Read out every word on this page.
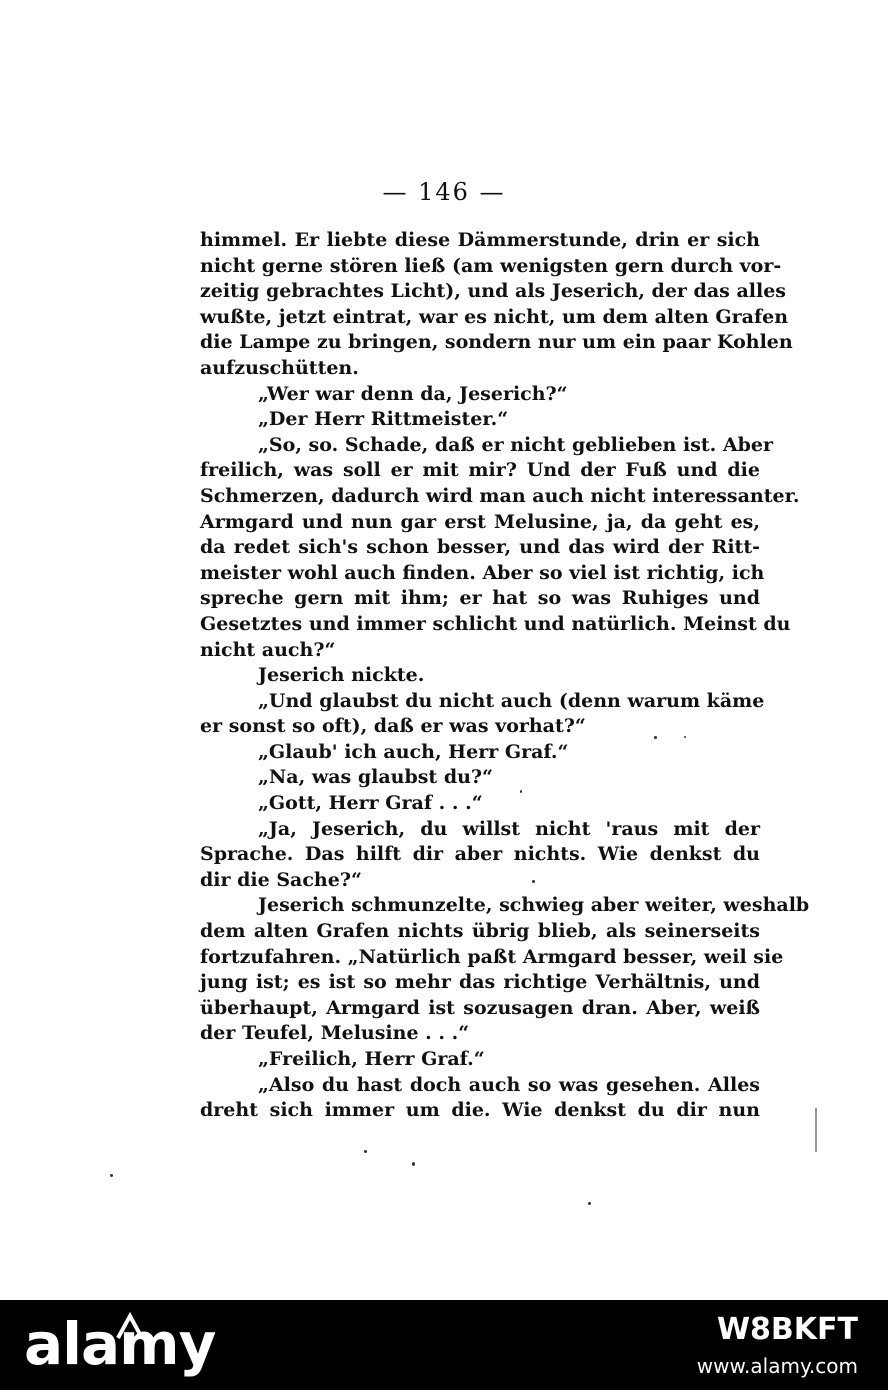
— 146 —
himmel. Er liebte diese Dämmerstunde, drin er sich
nicht gerne stören ließ (am wenigsten gern durch vor-
zeitig gebrachtes Licht), und als Jeserich, der das alles
wußte, jetzt eintrat, war es nicht, um dem alten Grafen
die Lampe zu bringen, sondern nur um ein paar Kohlen
aufzuschütten.
„Wer war denn da, Jeserich?“
„Der Herr Rittmeister.“
„So, so. Schade, daß er nicht geblieben ist. Aber
freilich, was soll er mit mir? Und der Fuß und die
Schmerzen, dadurch wird man auch nicht interessanter.
Armgard und nun gar erst Melusine, ja, da geht es,
da redet sich's schon besser, und das wird der Ritt-
meister wohl auch finden. Aber so viel ist richtig, ich
spreche gern mit ihm; er hat so was Ruhiges und
Gesetztes und immer schlicht und natürlich. Meinst du
nicht auch?“
Jeserich nickte.
„Und glaubst du nicht auch (denn warum käme
er sonst so oft), daß er was vorhat?“
„Glaub' ich auch, Herr Graf.“
„Na, was glaubst du?“
„Gott, Herr Graf . . .“
„Ja, Jeserich, du willst nicht 'raus mit der
Sprache. Das hilft dir aber nichts. Wie denkst du
dir die Sache?“
Jeserich schmunzelte, schwieg aber weiter, weshalb
dem alten Grafen nichts übrig blieb, als seinerseits
fortzufahren. „Natürlich paßt Armgard besser, weil sie
jung ist; es ist so mehr das richtige Verhältnis, und
überhaupt, Armgard ist sozusagen dran. Aber, weiß
der Teufel, Melusine . . .“
„Freilich, Herr Graf.“
„Also du hast doch auch so was gesehen. Alles
dreht sich immer um die. Wie denkst du dir nun
alamy	W8BKFT
www.alamy.com
